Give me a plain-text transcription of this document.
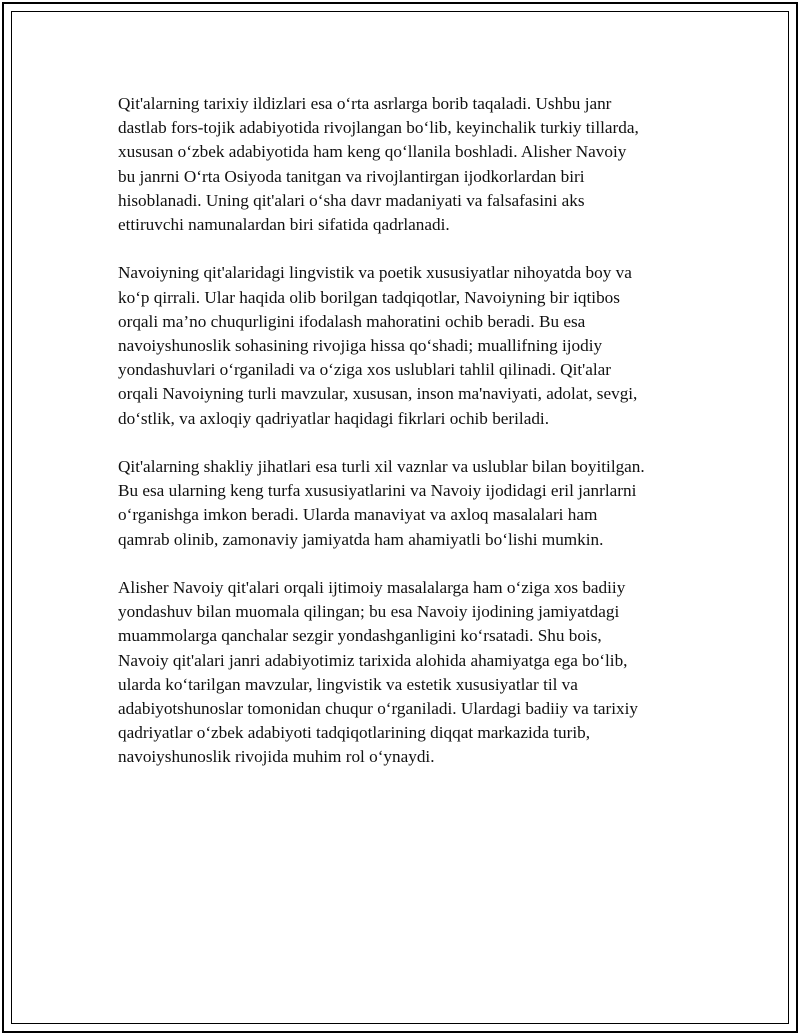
Qit'alarning tarixiy ildizlari esa o‘rta asrlarga borib taqaladi. Ushbu janr
dastlab fors-tojik adabiyotida rivojlangan bo‘lib, keyinchalik turkiy tillarda,
xususan o‘zbek adabiyotida ham keng qo‘llanila boshladi. Alisher Navoiy
bu janrni O‘rta Osiyoda tanitgan va rivojlantirgan ijodkorlardan biri
hisoblanadi. Uning qit'alari o‘sha davr madaniyati va falsafasini aks
ettiruvchi namunalardan biri sifatida qadrlanadi.

Navoiyning qit'alaridagi lingvistik va poetik xususiyatlar nihoyatda boy va
ko‘p qirrali. Ular haqida olib borilgan tadqiqotlar, Navoiyning bir iqtibos
orqali ma’no chuqurligini ifodalash mahoratini ochib beradi. Bu esa
navoiyshunoslik sohasining rivojiga hissa qo‘shadi; muallifning ijodiy
yondashuvlari o‘rganiladi va o‘ziga xos uslublari tahlil qilinadi. Qit'alar
orqali Navoiyning turli mavzular, xususan, inson ma'naviyati, adolat, sevgi,
do‘stlik, va axloqiy qadriyatlar haqidagi fikrlari ochib beriladi.

Qit'alarning shakliy jihatlari esa turli xil vaznlar va uslublar bilan boyitilgan.
Bu esa ularning keng turfa xususiyatlarini va Navoiy ijodidagi eril janrlarni
o‘rganishga imkon beradi. Ularda manaviyat va axloq masalalari ham
qamrab olinib, zamonaviy jamiyatda ham ahamiyatli bo‘lishi mumkin.

Alisher Navoiy qit'alari orqali ijtimoiy masalalarga ham o‘ziga xos badiiy
yondashuv bilan muomala qilingan; bu esa Navoiy ijodining jamiyatdagi
muammolarga qanchalar sezgir yondashganligini ko‘rsatadi. Shu bois,
Navoiy qit'alari janri adabiyotimiz tarixida alohida ahamiyatga ega bo‘lib,
ularda ko‘tarilgan mavzular, lingvistik va estetik xususiyatlar til va
adabiyotshunoslar tomonidan chuqur o‘rganiladi. Ulardagi badiiy va tarixiy
qadriyatlar o‘zbek adabiyoti tadqiqotlarining diqqat markazida turib,
navoiyshunoslik rivojida muhim rol o‘ynaydi.
